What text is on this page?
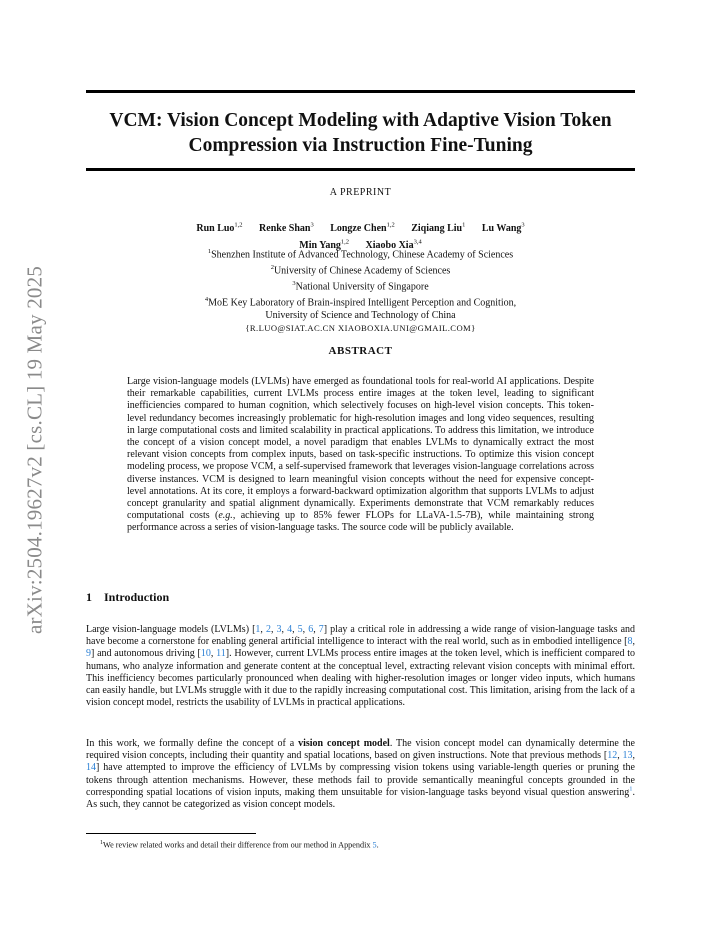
arXiv:2504.19627v2 [cs.CL] 19 May 2025
VCM: Vision Concept Modeling with Adaptive Vision Token
Compression via Instruction Fine-Tuning
A PREPRINT
Run Luo$^{1,2}$ Renke Shan$^3$ Longze Chen$^{1,2}$ Ziqiang Liu$^1$ Lu Wang$^3$
Min Yang$^{1,2}$ Xiaobo Xia$^{3,4}$
$^1$Shenzhen Institute of Advanced Technology, Chinese Academy of Sciences
$^2$University of Chinese Academy of Sciences
$^3$National University of Singapore
$^4$MoE Key Laboratory of Brain-inspired Intelligent Perception and Cognition,
University of Science and Technology of China
{R.LUO@SIAT.AC.CN XIAOBOXIA.UNI@GMAIL.COM}
ABSTRACT
Large vision-language models (LVLMs) have emerged as foundational tools for real-world AI applications. Despite their remarkable capabilities, current LVLMs process entire images at the token level, leading to significant inefficiencies compared to human cognition, which selectively focuses on high-level vision concepts. This token-level redundancy becomes increasingly problematic for high-resolution images and long video sequences, resulting in large computational costs and limited scalability in practical applications. To address this limitation, we introduce the concept of a vision concept model, a novel paradigm that enables LVLMs to dynamically extract the most relevant vision concepts from complex inputs, based on task-specific instructions. To optimize this vision concept modeling process, we propose VCM, a self-supervised framework that leverages vision-language correlations across diverse instances. VCM is designed to learn meaningful vision concepts without the need for expensive concept-level annotations. At its core, it employs a forward-backward optimization algorithm that supports LVLMs to adjust concept granularity and spatial alignment dynamically. Experiments demonstrate that VCM remarkably reduces computational costs (e.g., achieving up to 85% fewer FLOPs for LLaVA-1.5-7B), while maintaining strong performance across a series of vision-language tasks. The source code will be publicly available.
1 Introduction

Large vision-language models (LVLMs) [1, 2, 3, 4, 5, 6, 7] play a critical role in addressing a wide range of vision-language tasks and have become a cornerstone for enabling general artificial intelligence to interact with the real world, such as in embodied intelligence [8, 9] and autonomous driving [10, 11]. However, current LVLMs process entire images at the token level, which is inefficient compared to humans, who analyze information and generate content at the conceptual level, extracting relevant vision concepts with minimal effort. This inefficiency becomes particularly pronounced when dealing with higher-resolution images or longer video inputs, which humans can easily handle, but LVLMs struggle with it due to the rapidly increasing computational cost. This limitation, arising from the lack of a vision concept model, restricts the usability of LVLMs in practical applications.

In this work, we formally define the concept of a vision concept model. The vision concept model can dynamically determine the required vision concepts, including their quantity and spatial locations, based on given instructions. Note that previous methods [12, 13, 14] have attempted to improve the efficiency of LVLMs by compressing vision tokens using variable-length queries or pruning the tokens through attention mechanisms. However, these methods fail to provide semantically meaningful concepts grounded in the corresponding spatial locations of vision inputs, making them unsuitable for vision-language tasks beyond visual question answering$^1$. As such, they cannot be categorized as vision concept models.

$^1$We review related works and detail their difference from our method in Appendix 5.
